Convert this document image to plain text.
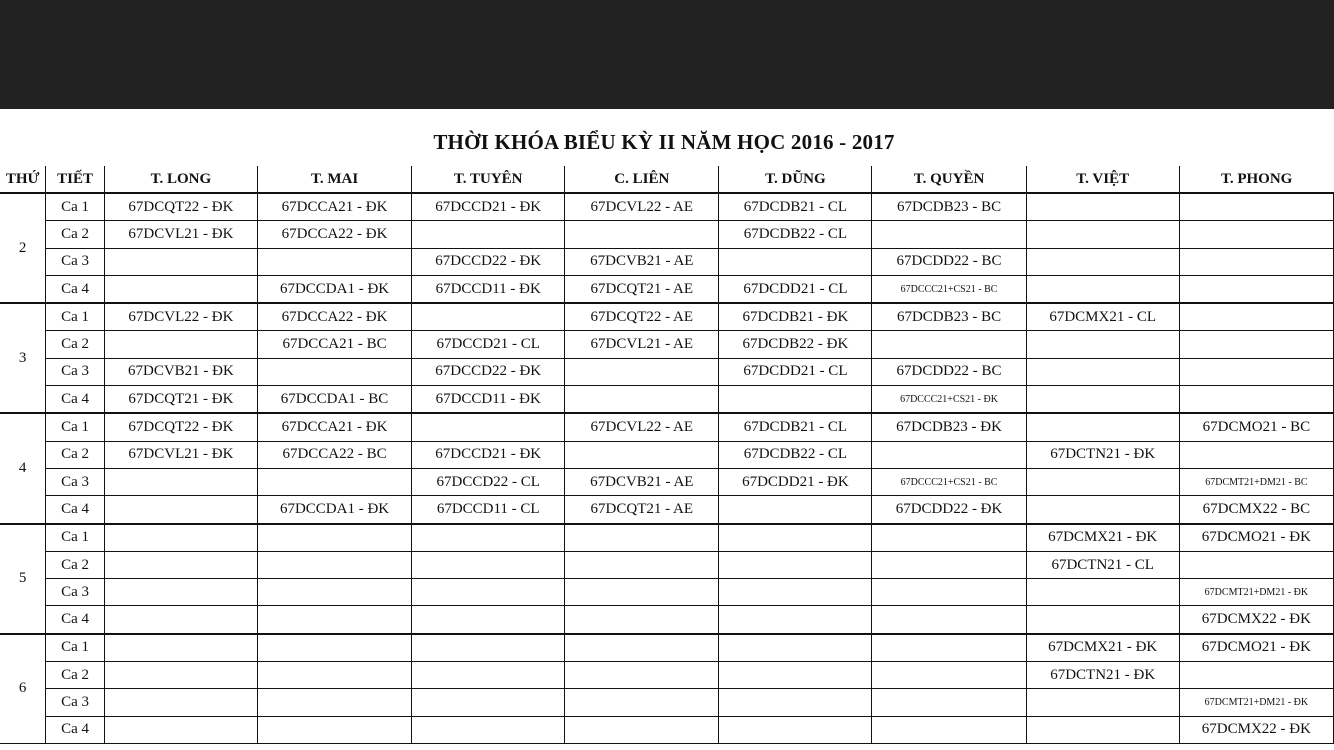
THỜI KHÓA BIỂU KỲ II NĂM HỌC 2016 - 2017
THỨ	TIẾT	T. LONG	T. MAI	T. TUYÊN	C. LIÊN	T. DŨNG	T. QUYỀN	T. VIỆT	T. PHONG
2	Ca 1	67DCQT22 - ĐK	67DCCA21 - ĐK	67DCCD21 - ĐK	67DCVL22 - AE	67DCDB21 - CL	67DCDB23 - BC		
	Ca 2	67DCVL21 - ĐK	67DCCA22 - ĐK			67DCDB22 - CL			
	Ca 3			67DCCD22 - ĐK	67DCVB21 - AE		67DCDD22 - BC		
	Ca 4		67DCCDA1 - ĐK	67DCCD11 - ĐK	67DCQT21 - AE	67DCDD21 - CL	67DCCC21+CS21 - BC		
3	Ca 1	67DCVL22 - ĐK	67DCCA22 - ĐK		67DCQT22 - AE	67DCDB21 - ĐK	67DCDB23 - BC	67DCMX21 - CL	
	Ca 2		67DCCA21 - BC	67DCCD21 - CL	67DCVL21 - AE	67DCDB22 - ĐK			
	Ca 3	67DCVB21 - ĐK		67DCCD22 - ĐK		67DCDD21 - CL	67DCDD22 - BC		
	Ca 4	67DCQT21 - ĐK	67DCCDA1 - BC	67DCCD11 - ĐK			67DCCC21+CS21 - ĐK		
4	Ca 1	67DCQT22 - ĐK	67DCCA21 - ĐK		67DCVL22 - AE	67DCDB21 - CL	67DCDB23 - ĐK		67DCMO21 - BC
	Ca 2	67DCVL21 - ĐK	67DCCA22 - BC	67DCCD21 - ĐK		67DCDB22 - CL		67DCTN21 - ĐK	
	Ca 3			67DCCD22 - CL	67DCVB21 - AE	67DCDD21 - ĐK	67DCCC21+CS21 - BC		67DCMT21+DM21 - BC
	Ca 4		67DCCDA1 - ĐK	67DCCD11 - CL	67DCQT21 - AE		67DCDD22 - ĐK		67DCMX22 - BC
5	Ca 1							67DCMX21 - ĐK	67DCMO21 - ĐK
	Ca 2							67DCTN21 - CL	
	Ca 3								67DCMT21+DM21 - ĐK
	Ca 4								67DCMX22 - ĐK
6	Ca 1							67DCMX21 - ĐK	67DCMO21 - ĐK
	Ca 2							67DCTN21 - ĐK	
	Ca 3								67DCMT21+DM21 - ĐK
	Ca 4								67DCMX22 - ĐK
